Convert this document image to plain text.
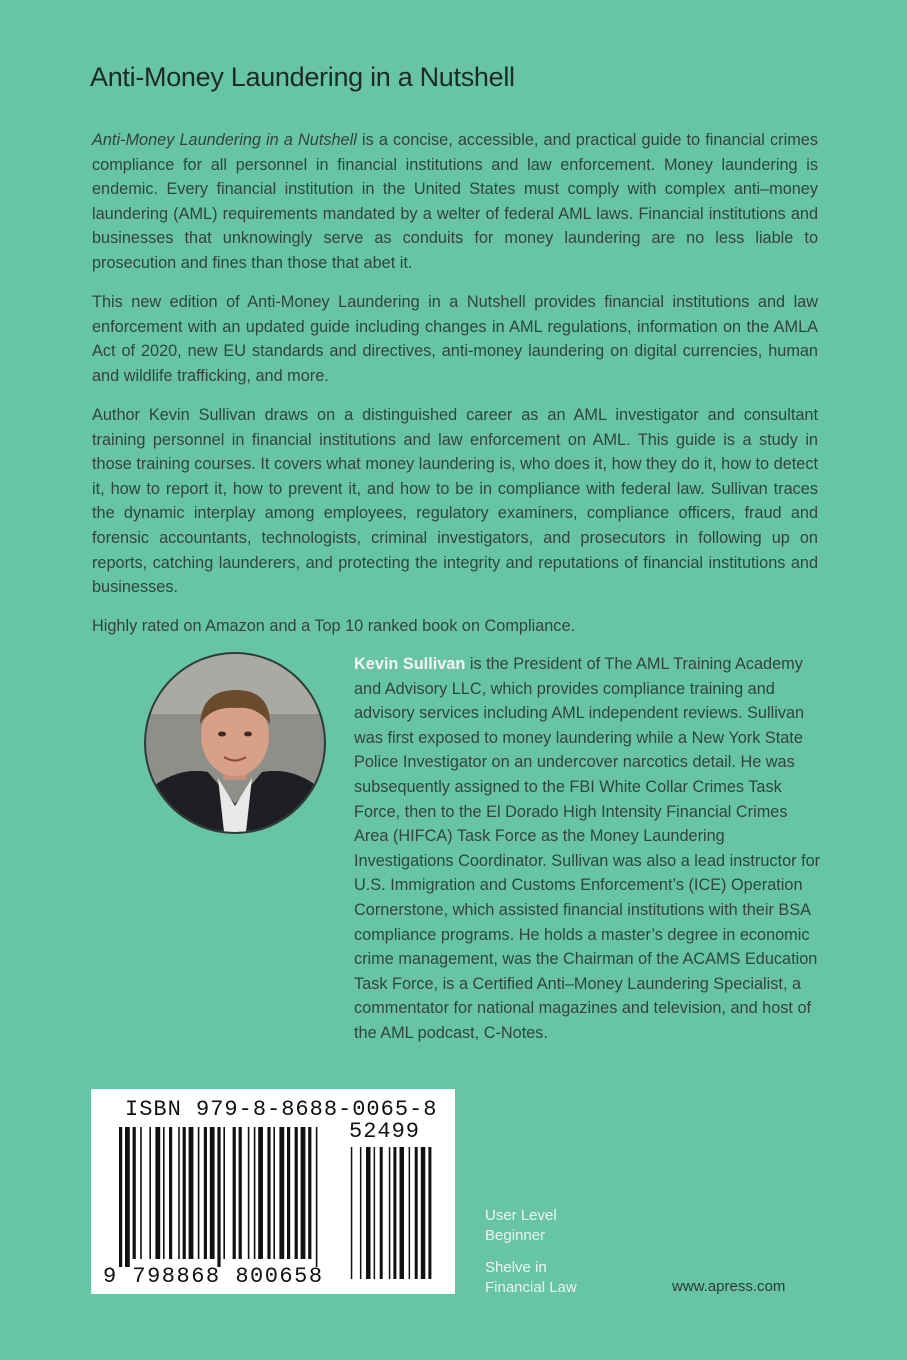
Anti-Money Laundering in a Nutshell
Anti-Money Laundering in a Nutshell is a concise, accessible, and practical guide to financial crimes compliance for all personnel in financial institutions and law enforcement. Money laundering is endemic. Every financial institution in the United States must comply with complex anti–money laundering (AML) requirements mandated by a welter of federal AML laws. Financial institutions and businesses that unknowingly serve as conduits for money laundering are no less liable to prosecution and fines than those that abet it.
This new edition of Anti-Money Laundering in a Nutshell provides financial institutions and law enforcement with an updated guide including changes in AML regulations, information on the AMLA Act of 2020, new EU standards and directives, anti-money laundering on digital currencies, human and wildlife trafficking, and more.
Author Kevin Sullivan draws on a distinguished career as an AML investigator and consultant training personnel in financial institutions and law enforcement on AML. This guide is a study in those training courses. It covers what money laundering is, who does it, how they do it, how to detect it, how to report it, how to prevent it, and how to be in compliance with federal law. Sullivan traces the dynamic interplay among employees, regulatory examiners, compliance officers, fraud and forensic accountants, technologists, criminal investigators, and prosecutors in following up on reports, catching launderers, and protecting the integrity and reputations of financial institutions and businesses.
Highly rated on Amazon and a Top 10 ranked book on Compliance.
Kevin Sullivan is the President of The AML Training Academy and Advisory LLC, which provides compliance training and advisory services including AML independent reviews. Sullivan was first exposed to money laundering while a New York State Police Investigator on an undercover narcotics detail. He was subsequently assigned to the FBI White Collar Crimes Task Force, then to the El Dorado High Intensity Financial Crimes Area (HIFCA) Task Force as the Money Laundering Investigations Coordinator. Sullivan was also a lead instructor for U.S. Immigration and Customs Enforcement’s (ICE) Operation Cornerstone, which assisted financial institutions with their BSA compliance programs. He holds a master’s degree in economic crime management, was the Chairman of the ACAMS Education Task Force, is a Certified Anti–Money Laundering Specialist, a commentator for national magazines and television, and host of the AML podcast, C-Notes.
ISBN 979-8-8688-0065-8
52499
9 798868 800658
User Level
Beginner
Shelve in
Financial Law	www.apress.com
